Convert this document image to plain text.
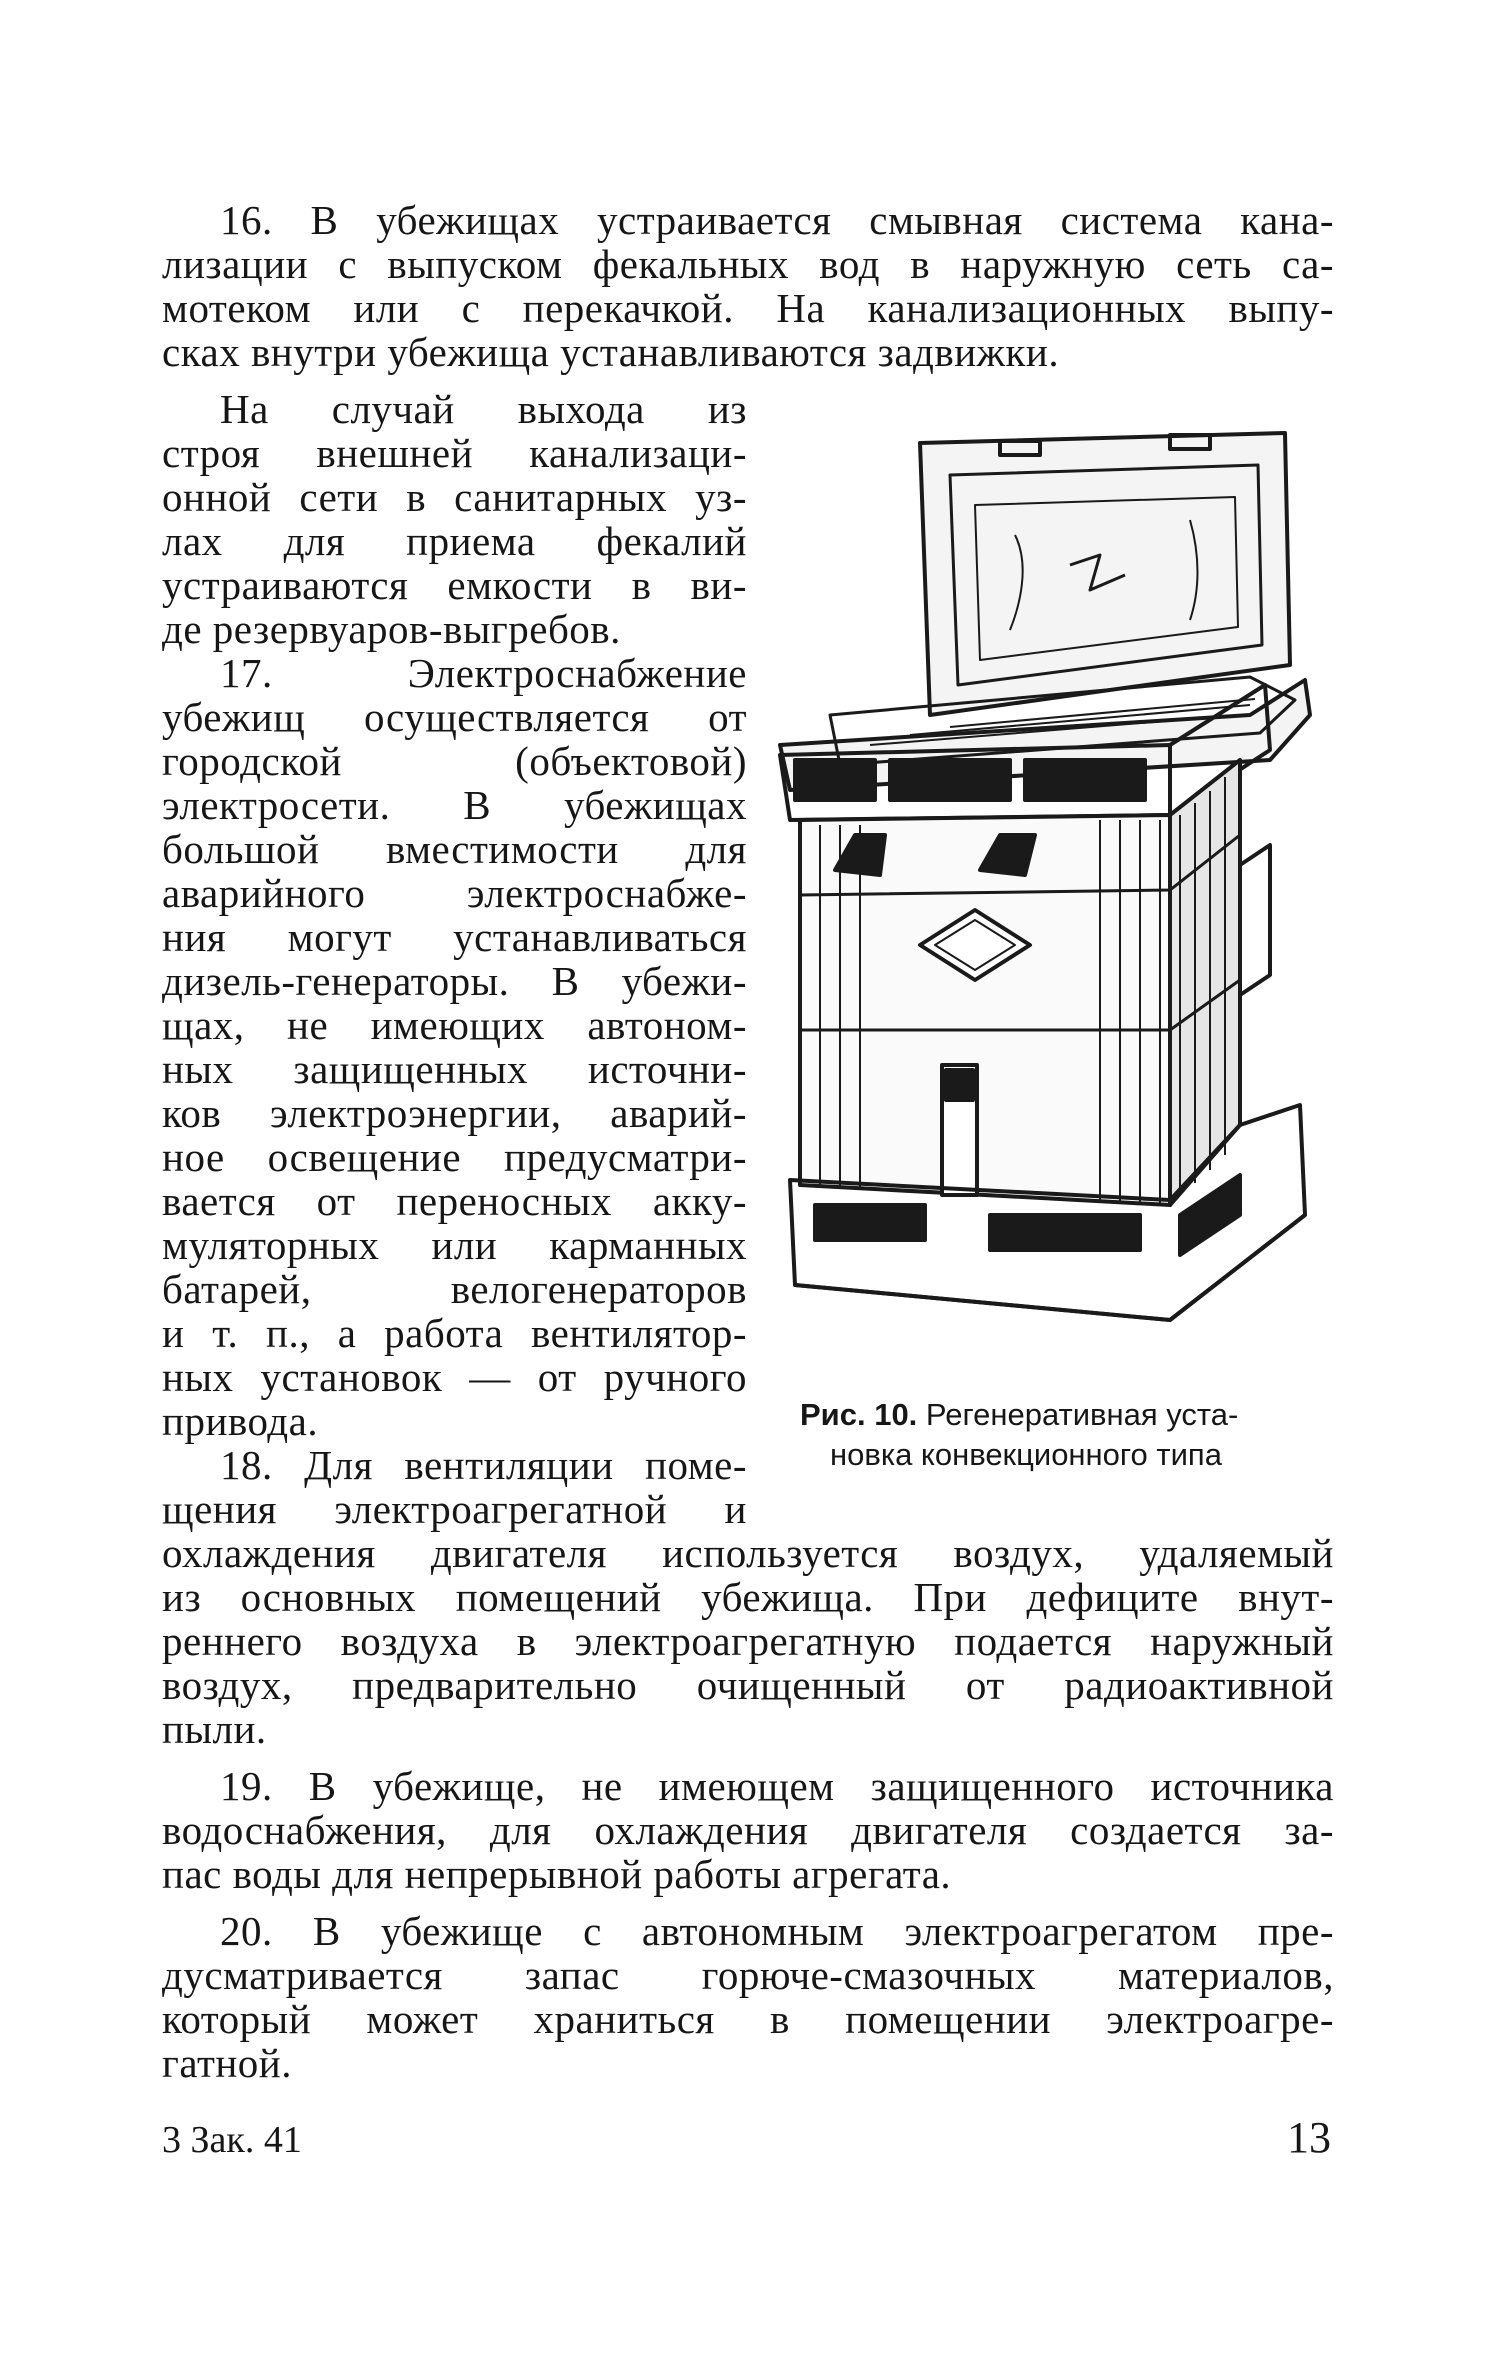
16. В убежищах устраивается смывная система кана-
лизации с выпуском фекальных вод в наружную сеть са-
мотеком или с перекачкой. На канализационных выпу-
сках внутри убежища устанавливаются задвижки.
На случай выхода из
строя внешней канализаци-
онной сети в санитарных уз-
лах для приема фекалий
устраиваются емкости в ви-
де резервуаров-выгребов.
17. Электроснабжение
убежищ осуществляется от
городской (объектовой)
электросети. В убежищах
большой вместимости для
аварийного электроснабже-
ния могут устанавливаться
дизель-генераторы. В убежи-
щах, не имеющих автоном-
ных защищенных источни-
ков электроэнергии, аварий-
ное освещение предусматри-
вается от переносных акку-
муляторных или карманных
батарей, велогенераторов
и т. п., а работа вентилятор-
ных установок — от ручного
привода.
18. Для вентиляции поме-
щения электроагрегатной и
охлаждения двигателя используется воздух, удаляемый
из основных помещений убежища. При дефиците внут-
реннего воздуха в электроагрегатную подается наружный
воздух, предварительно очищенный от радиоактивной
пыли.
19. В убежище, не имеющем защищенного источника
водоснабжения, для охлаждения двигателя создается за-
пас воды для непрерывной работы агрегата.
20. В убежище с автономным электроагрегатом пре-
дусматривается запас горюче-смазочных материалов,
который может храниться в помещении электроагре-
гатной.
Рис. 10. Регенеративная уста-
новка конвекционного типа
3 Зак. 41	13
